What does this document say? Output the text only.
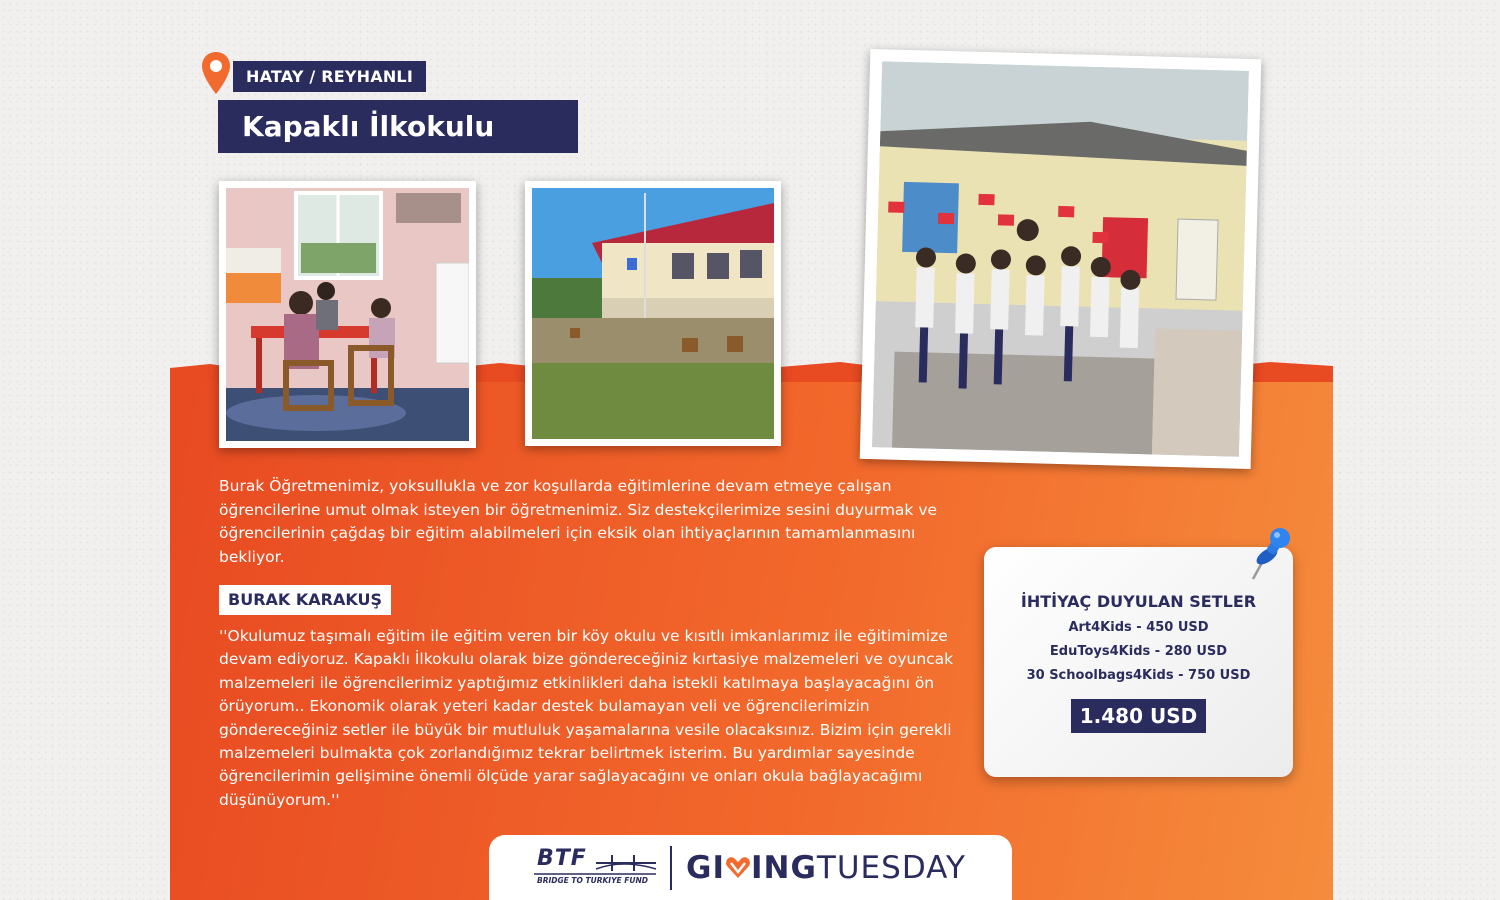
HATAY / REYHANLI
Kapaklı İlkokulu

Burak Öğretmenimiz, yoksullukla ve zor koşullarda eğitimlerine devam etmeye çalışan öğrencilerine umut olmak isteyen bir öğretmenimiz. Siz destekçilerimize sesini duyurmak ve öğrencilerinin çağdaş bir eğitim alabilmeleri için eksik olan ihtiyaçlarının tamamlanmasını bekliyor.

BURAK KARAKUŞ

''Okulumuz taşımalı eğitim ile eğitim veren bir köy okulu ve kısıtlı imkanlarımız ile eğitimimize devam ediyoruz. Kapaklı İlkokulu olarak bize göndereceğiniz kırtasiye malzemeleri ve oyuncak malzemeleri ile öğrencilerimiz yaptığımız etkinlikleri daha istekli katılmaya başlayacağını ön örüyorum.. Ekonomik olarak yeteri kadar destek bulamayan veli ve öğrencilerimizin göndereceğiniz setler ile büyük bir mutluluk yaşamalarına vesile olacaksınız. Bizim için gerekli malzemeleri bulmakta çok zorlandığımız tekrar belirtmek isterim. Bu yardımlar sayesinde öğrencilerimin gelişimine önemli ölçüde yarar sağlayacağını ve onları okula bağlayacağımı düşünüyorum.''

İHTİYAÇ DUYULAN SETLER
Art4Kids - 450 USD
EduToys4Kids - 280 USD
30 Schoolbags4Kids - 750 USD
1.480 USD
BTF
BRIDGE TO TURKIYE FUND GI INGTUESDAY
